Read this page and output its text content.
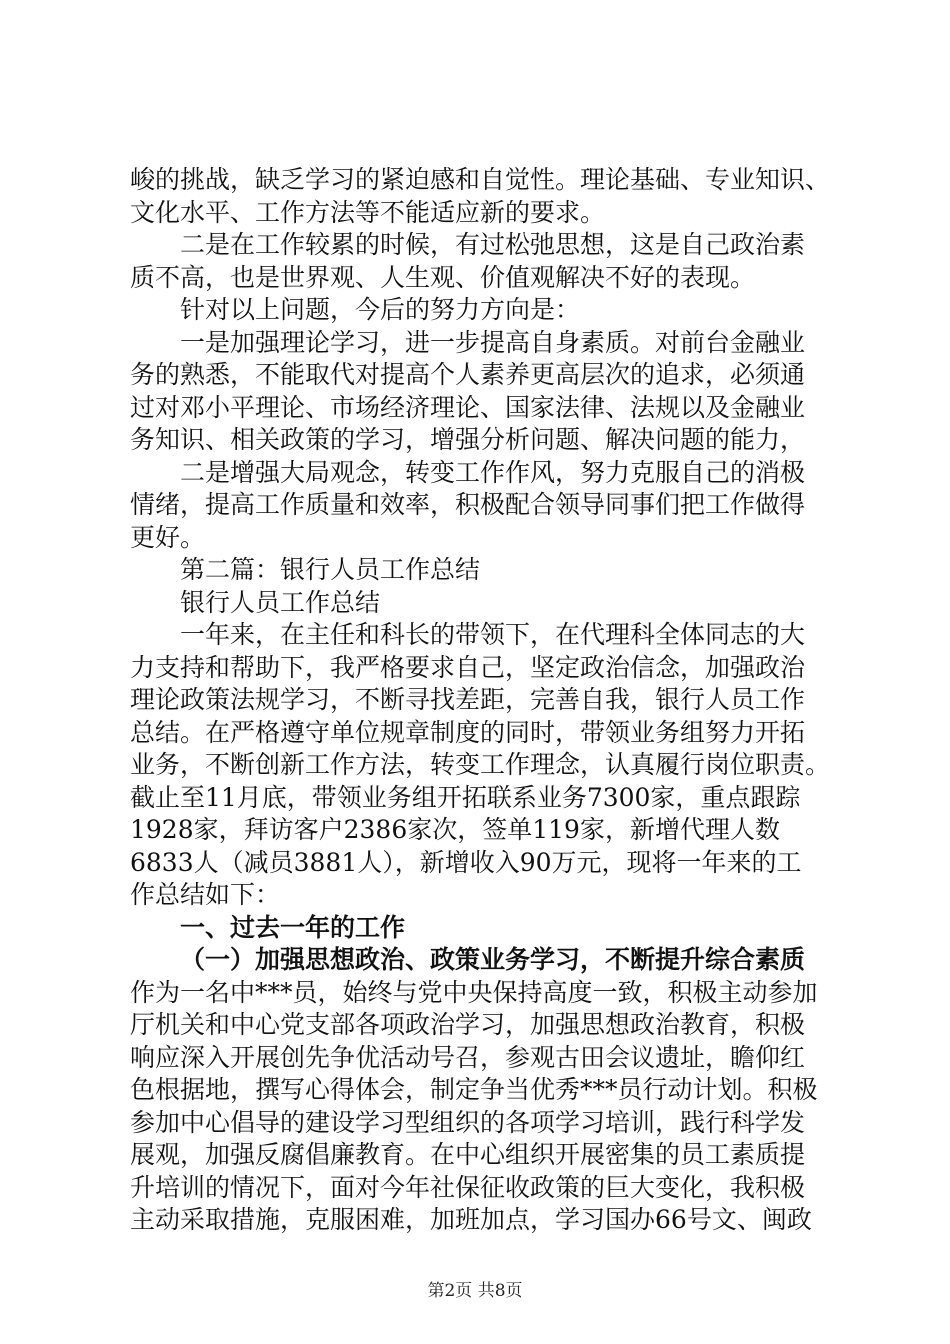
峻的挑战，缺乏学习的紧迫感和自觉性。理论基础、专业知识、
文化水平、工作方法等不能适应新的要求。
二是在工作较累的时候，有过松弛思想，这是自己政治素
质不高，也是世界观、人生观、价值观解决不好的表现。
针对以上问题，今后的努力方向是：
一是加强理论学习，进一步提高自身素质。对前台金融业
务的熟悉，不能取代对提高个人素养更高层次的追求，必须通
过对邓小平理论、市场经济理论、国家法律、法规以及金融业
务知识、相关政策的学习，增强分析问题、解决问题的能力，
二是增强大局观念，转变工作作风，努力克服自己的消极
情绪，提高工作质量和效率，积极配合领导同事们把工作做得
更好。
第二篇：银行人员工作总结
银行人员工作总结
一年来，在主任和科长的带领下，在代理科全体同志的大
力支持和帮助下，我严格要求自己，坚定政治信念，加强政治
理论政策法规学习，不断寻找差距，完善自我，银行人员工作
总结。在严格遵守单位规章制度的同时，带领业务组努力开拓
业务，不断创新工作方法，转变工作理念，认真履行岗位职责。
截止至11月底，带领业务组开拓联系业务7300家，重点跟踪
1928家，拜访客户2386家次，签单119家，新增代理人数
6833人（减员3881人），新增收入90万元，现将一年来的工
作总结如下：
一、过去一年的工作
（一）加强思想政治、政策业务学习，不断提升综合素质
作为一名中***员，始终与党中央保持高度一致，积极主动参加
厅机关和中心党支部各项政治学习，加强思想政治教育，积极
响应深入开展创先争优活动号召，参观古田会议遗址，瞻仰红
色根据地，撰写心得体会，制定争当优秀***员行动计划。积极
参加中心倡导的建设学习型组织的各项学习培训，践行科学发
展观，加强反腐倡廉教育。在中心组织开展密集的员工素质提
升培训的情况下，面对今年社保征收政策的巨大变化，我积极
主动采取措施，克服困难，加班加点，学习国办66号文、闽政
第2页 共8页
